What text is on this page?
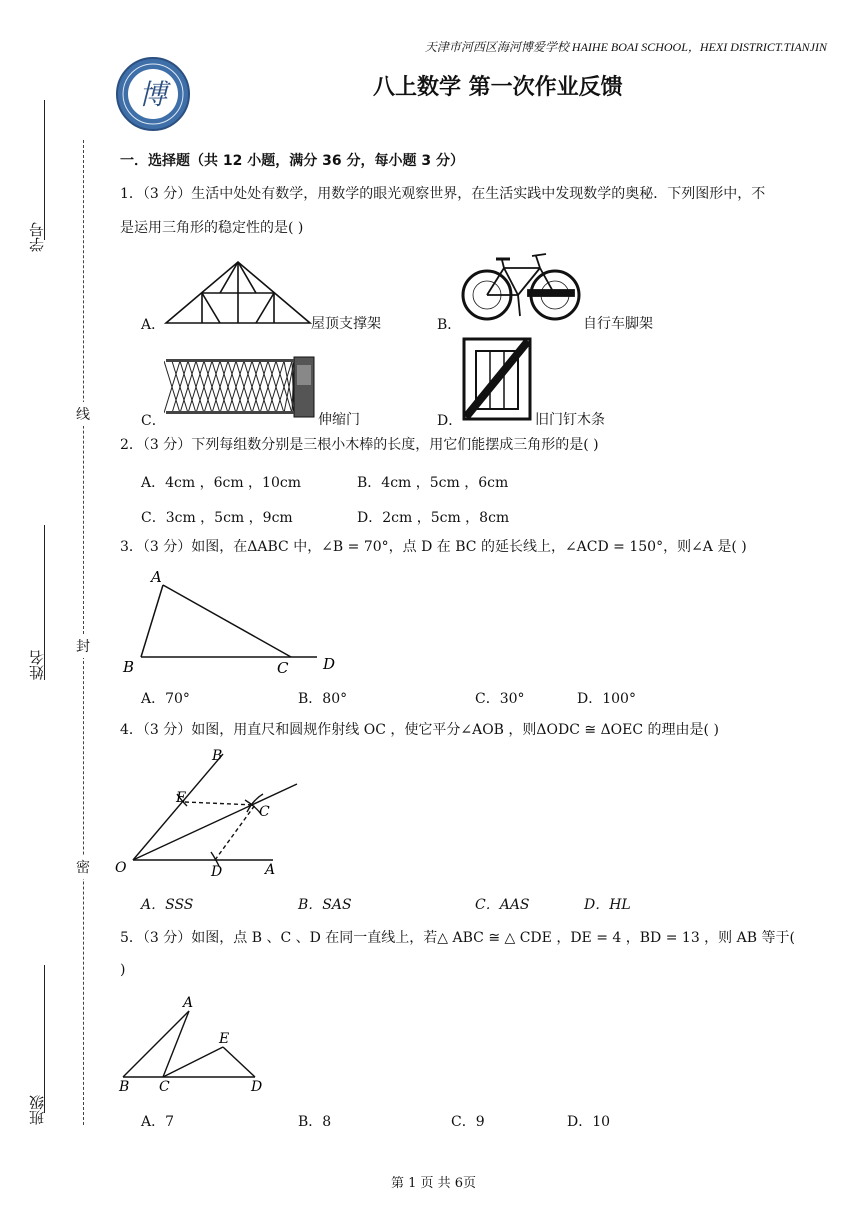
天津市河西区海河博爱学校 HAIHE BOAI SCHOOL，HEXI DISTRICT.TIANJIN
博	八上数学 第一次作业反馈
学号
姓名
班级
线
封
密
一．选择题（共 12 小题，满分 36 分，每小题 3 分）
1．（3 分）生活中处处有数学，用数学的眼光观察世界，在生活实践中发现数学的奥秘．下列图形中，不
是运用三角形的稳定性的是( )
A．	屋顶支撑架	B．	自行车脚架
C．	伸缩门	D．	旧门钉木条
2．（3 分）下列每组数分别是三根小木棒的长度，用它们能摆成三角形的是( )
A．4cm ，6cm ，10cm	B．4cm ，5cm ，6cm
C．3cm ，5cm ，9cm	D．2cm ，5cm ，8cm
3．（3 分）如图，在ΔABC 中，∠B = 70°，点 D 在 BC 的延长线上，∠ACD = 150°，则∠A 是( )
A
B	C D
A．70°	B．80°	C．30°	D．100°
4．（3 分）如图，用直尺和圆规作射线 OC ，使它平分∠AOB ，则ΔODC ≅ ΔOEC 的理由是( )
O	A
B
C
D
E
A．SSS	B．SAS	C．AAS	D．HL
5．（3 分）如图，点 B 、C 、D 在同一直线上，若△ ABC ≅ △ CDE ，DE = 4 ，BD = 13 ，则 AB 等于(
)
A
B C	D
E
A．7	B．8	C．9	D．10
第 1 页 共 6页
